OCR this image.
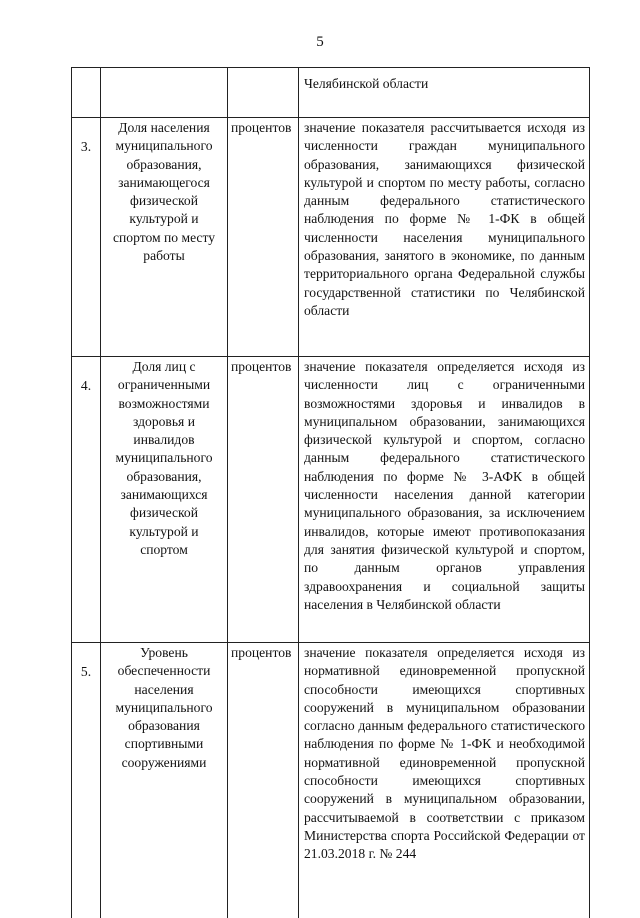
5
			Челябинской области
3.	Доля населения муниципального образования, занимающегося физической культурой и спортом по месту работы	процентов	значение показателя рассчитывается исходя из численности граждан муниципального образования, занимающихся физической культурой и спортом по месту работы, согласно данным федерального статистического наблюдения по форме № 1-ФК в общей численности населения муниципального образования, занятого в экономике, по данным территориального органа Федеральной службы государственной статистики по Челябинской области
4.	Доля лиц с ограниченными возможностями здоровья и инвалидов муниципального образования, занимающихся физической культурой и спортом	процентов	значение показателя определяется исходя из численности лиц с ограниченными возможностями здоровья и инвалидов в муниципальном образовании, занимающихся физической культурой и спортом, согласно данным федерального статистического наблюдения по форме № 3-АФК в общей численности населения данной категории муниципального образования, за исключением инвалидов, которые имеют противопоказания для занятия физической культурой и спортом, по данным органов управления здравоохранения и социальной защиты населения в Челябинской области
5.	Уровень обеспеченности населения муниципального образования спортивными сооружениями	процентов	значение показателя определяется исходя из нормативной единовременной пропускной способности имеющихся спортивных сооружений в муниципальном образовании согласно данным федерального статистического наблюдения по форме № 1-ФК и необходимой нормативной единовременной пропускной способности имеющихся спортивных сооружений в муниципальном образовании, рассчитываемой в соответствии с приказом Министерства спорта Российской Федерации от 21.03.2018 г. № 244
